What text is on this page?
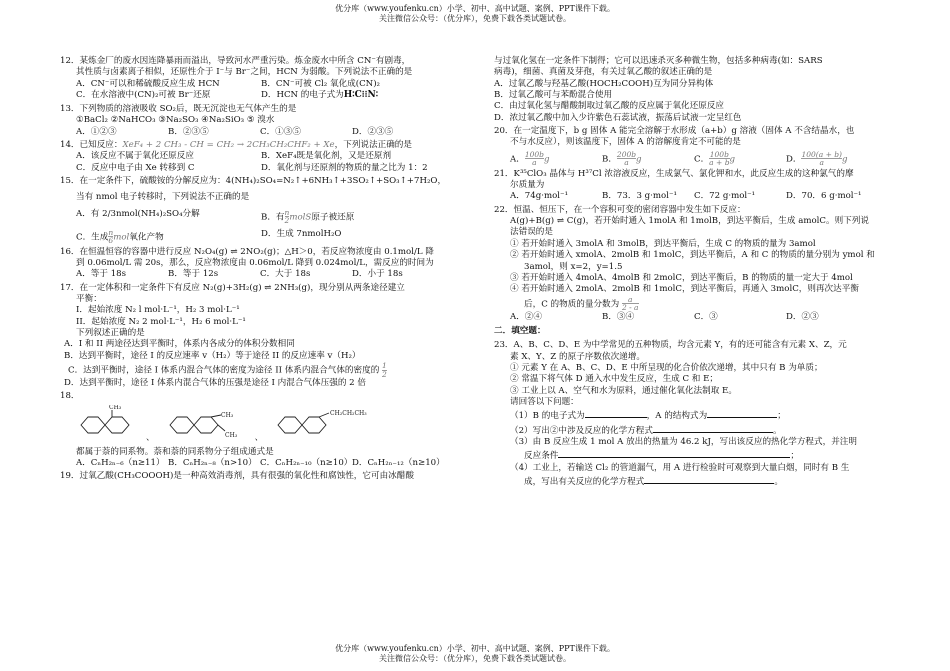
优分库（www.youfenku.cn）小学、初中、高中试题、案例、PPT课件下载。
关注微信公众号：（优分库），免费下载各类试题试卷。
12．某炼金厂的废水因连降暴雨而溢出，导致河水严重污染。炼金废水中所含 CN⁻有剧毒，
其性质与卤素离子相似，还原性介于 I⁻与 Br⁻之间，HCN 为弱酸。下列说法不正确的是
A．CN⁻可以和稀硫酸反应生成 HCN	B．CN⁻可被 Cl₂ 氧化成(CN)₂
C．在水溶液中(CN)₂可被 Br⁻还原	D．HCN 的电子式为H∶C⁝⁝N∶
13．下列物质的溶液吸收 SO₂后，既无沉淀也无气体产生的是
①BaCl₂ ②NaHCO₃ ③Na₂SO₃ ④Na₂SiO₃ ⑤ 溴水
A．①②③	B．②③⑤	C．①③⑤	D．②③⑤
14．已知反应：XeF₄ + 2 CH₃ - CH = CH₂ → 2CH₃CH₂CHF₂ + Xe，下列说法正确的是
A．该反应不属于氧化还原反应	B．XeF₄既是氧化剂，又是还原剂
C．反应中电子由 Xe 转移到 C	D．氧化剂与还原剂的物质的量之比为 1：2
15．在一定条件下，硫酸铵的分解反应为：4(NH₄)₂SO₄=N₂↑+6NH₃↑+3SO₂↑+SO₃↑+7H₂O，
当有 nmol 电子转移时，下列说法不正确的是
A．有 2/3nmol(NH₄)₂SO₄分解	B．有$\frac{n}{2}$ molS原子被还原
C．生成$\frac{n}{6}$ mol氧化产物	D．生成 7nmolH₂O
16．在恒温恒容的容器中进行反应 N₂O₄(g) ⇌ 2NO₂(g)；△H＞0，若反应物浓度由 0.1mol/L 降
到 0.06mol/L 需 20s，那么，反应物浓度由 0.06mol/L 降到 0.024mol/L，需反应的时间为
A．等于 18s	B．等于 12s	C．大于 18s	D．小于 18s
17．在一定体积和一定条件下有反应 N₂(g)+3H₂(g) ⇌ 2NH₃(g)，现分别从两条途径建立
平衡：
I．起始浓度 N₂ l mol·L⁻¹，H₂ 3 mol·L⁻¹
II．起始浓度 N₂ 2 mol·L⁻¹，H₂ 6 mol·L⁻¹
下列叙述正确的是
A．I 和 II 两途径达到平衡时，体系内各成分的体积分数相同
B．达到平衡时，途径 I 的反应速率 v（H₂）等于途径 II 的反应速率 v（H₂）
C．达到平衡时，途径 I 体系内混合气体的密度为途径 II 体系内混合气体的密度的 $\frac{1}{2}$
D．达到平衡时，途径 I 体系内混合气体的压强是途径 I 内混合气体压强的 2 倍
18．
CH₃
、
CH₃
CH₃ 、
CH₂CH₂CH₃
都属于萘的同系物。萘和萘的同系物分子组成通式是
A．CₙH₂ₙ₋₆（n≥11） B．CₙH₂ₙ₋₈（n>10） C．CₙH₂ₙ₋₁₀（n≥10） D．CₙH₂ₙ₋₁₂（n≥10）
19．过氧乙酸(CH₃COOOH)是一种高效消毒剂，具有很强的氧化性和腐蚀性，它可由冰醋酸
与过氧化氢在一定条件下制得；它可以迅速杀灭多种微生物，包括多种病毒(如：SARS
病毒)，细菌、真菌及芽孢，有关过氧乙酸的叙述正确的是
A．过氧乙酸与羟基乙酸(HOCH₂COOH)互为同分异构体
B．过氧乙酸可与苯酚混合使用
C．由过氧化氢与醋酸制取过氧乙酸的反应属于氧化还原反应
D．浓过氧乙酸中加入少许紫色石蕊试液，振荡后试液一定呈红色
20．在一定温度下，b g 固体 A 能完全溶解于水形成（a+b）g 溶液（固体 A 不含结晶水，也
不与水反应），则该温度下，固体 A 的溶解度肯定不可能的是
A．$\frac{100b}{a}$ g	B．$\frac{200b}{a}$ g	C．$\frac{100b}{a + b}$ g	D．$\frac{100(a + b)}{a}$ g
21．K³⁵ClO₃ 晶体与 H³⁷Cl 浓溶液反应，生成氯气、氯化钾和水，此反应生成的这种氯气的摩
尔质量为
A．74g·mol⁻¹	B．73．3 g·mol⁻¹	C．72 g·mol⁻¹	D．70．6 g·mol⁻¹
22．恒温、恒压下，在一个容积可变的密闭容器中发生如下反应：
A(g)+B(g) ⇌ C(g)，若开始时通入 1molA 和 1molB，到达平衡后，生成 amolC。则下列说
法错误的是
① 若开始时通入 3molA 和 3molB，到达平衡后，生成 C 的物质的量为 3amol
② 若开始时通入 xmolA、2molB 和 1molC，到达平衡后，A 和 C 的物质的量分别为 ymol 和
3amol，则 x=2，y=1.5
③ 若开始时通入 4molA、4molB 和 2molC，到达平衡后，B 的物质的量一定大于 4mol
④ 若开始时通入 2molA、2molB 和 1molC，到达平衡后，再通入 3molC，则再次达平衡
后，C 的物质的量分数为 $\frac{a}{2 - a}$
A．②④	B．③④	C．③	D．②③
二．填空题：
23．A、B、C、D、E 为中学常见的五种物质，均含元素 Y，有的还可能含有元素 X、Z，元
素 X、Y、Z 的原子序数依次递增。
① 元素 Y 在 A、B、C、D、E 中所呈现的化合价依次递增，其中只有 B 为单质；
② 常温下将气体 D 通入水中发生反应，生成 C 和 E；
③ 工业上以 A、空气和水为原料，通过催化氧化法制取 E。
请回答以下问题：
（1）B 的电子式为	，A 的结构式为	；
（2）写出②中涉及反应的化学方程式	。
（3）由 B 反应生成 1 mol A 放出的热量为 46.2 kJ，写出该反应的热化学方程式，并注明
反应条件	；
（4）工业上，若输送 Cl₂ 的管道漏气，用 A 进行检验时可观察到大量白烟，同时有 B 生
成，写出有关反应的化学方程式	。
优分库（www.youfenku.cn）小学、初中、高中试题、案例、PPT课件下载。
关注微信公众号：（优分库），免费下载各类试题试卷。
